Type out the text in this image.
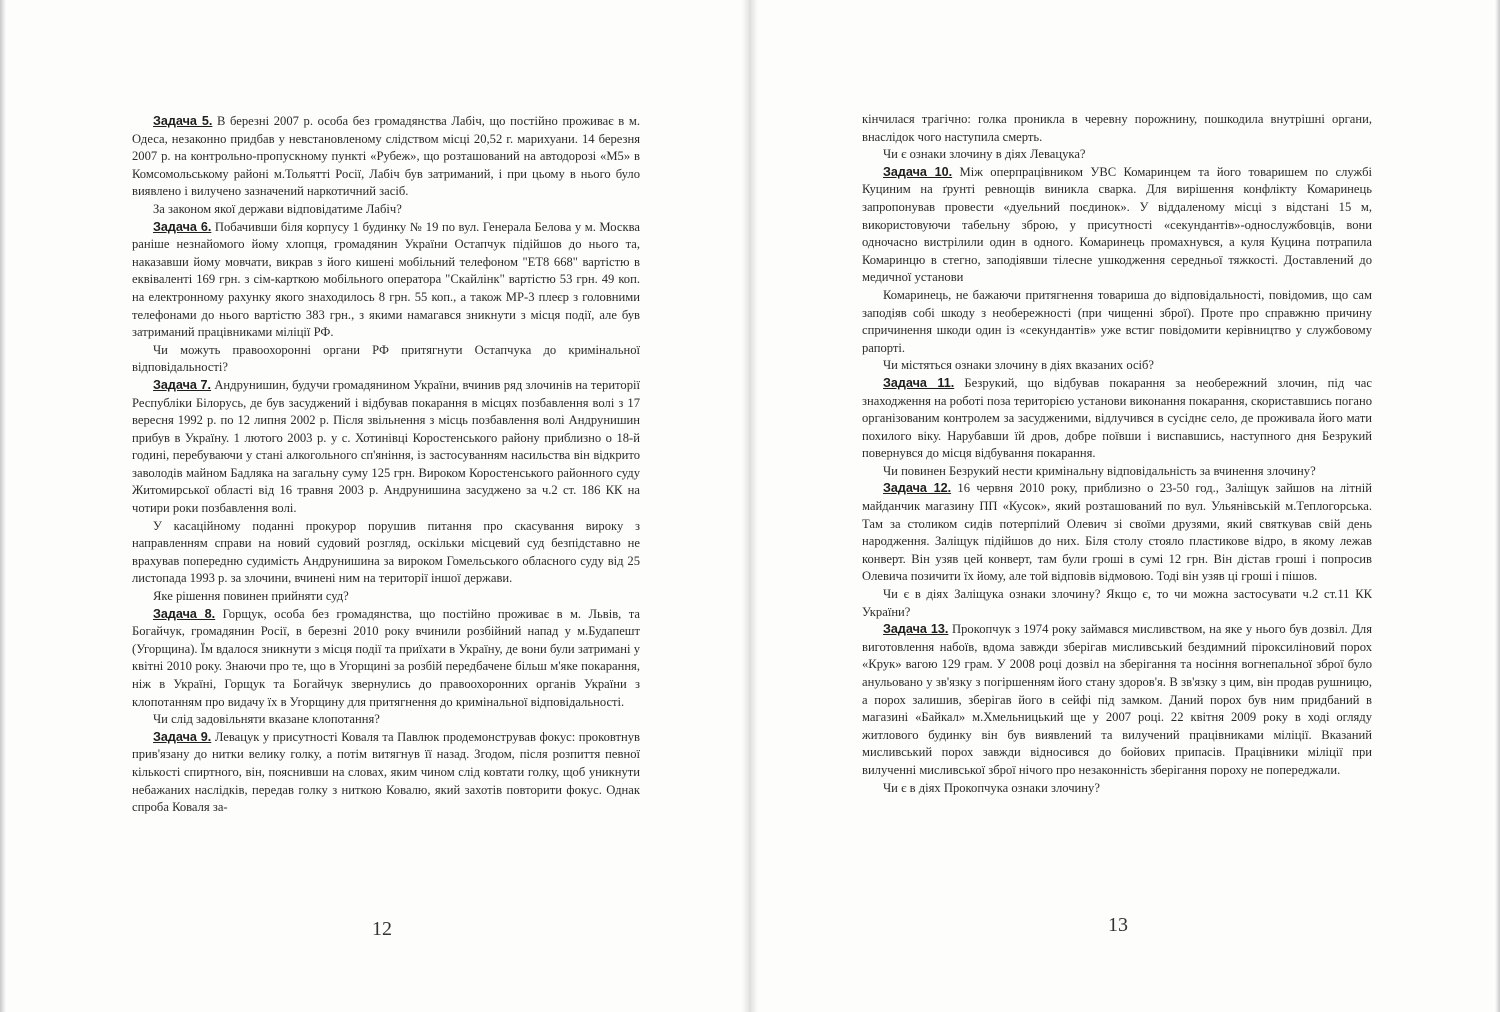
Задача 5. В березні 2007 р. особа без громадянства Лабіч, що постійно проживає в м. Одеса, незаконно придбав у невстановленому слідством місці 20,52 г. марихуани. 14 березня 2007 р. на контрольно-пропускному пункті «Рубеж», що розташований на автодорозі «М5» в Комсомольському районі м.Тольятті Росії, Лабіч був затриманий, і при цьому в нього було виявлено і вилучено зазначений наркотичний засіб.

За законом якої держави відповідатиме Лабіч?

Задача 6. Побачивши біля корпусу 1 будинку № 19 по вул. Генерала Белова у м. Москва раніше незнайомого йому хлопця, громадянин України Остапчук підійшов до нього та, наказавши йому мовчати, викрав з його кишені мобільний телефоном "ЕТ8 668" вартістю в еквіваленті 169 грн. з сім-карткою мобільного оператора "Скайлінк" вартістю 53 грн. 49 коп. на електронному рахунку якого знаходилось 8 грн. 55 коп., а також МР-3 плеєр з головними телефонами до нього вартістю 383 грн., з якими намагався зникнути з місця події, але був затриманий працівниками міліції РФ.

Чи можуть правоохоронні органи РФ притягнути Остапчука до кримінальної відповідальності?

Задача 7. Андрунишин, будучи громадянином України, вчинив ряд злочинів на території Республіки Білорусь, де був засуджений і відбував покарання в місцях позбавлення волі з 17 вересня 1992 р. по 12 липня 2002 р. Після звільнення з місць позбавлення волі Андрунишин прибув в Україну. 1 лютого 2003 р. у с. Хотинівці Коростенського району приблизно о 18-й годині, перебуваючи у стані алкогольного сп'яніння, із застосуванням насильства він відкрито заволодів майном Бадляка на загальну суму 125 грн. Вироком Коростенського районного суду Житомирської області від 16 травня 2003 р. Андрунишина засуджено за ч.2 ст. 186 КК на чотири роки позбавлення волі.

У касаційному поданні прокурор порушив питання про скасування вироку з направленням справи на новий судовий розгляд, оскільки місцевий суд безпідставно не врахував попередню судимість Андрунишина за вироком Гомельського обласного суду від 25 листопада 1993 р. за злочини, вчинені ним на території іншої держави.

Яке рішення повинен прийняти суд?

Задача 8. Горщук, особа без громадянства, що постійно проживає в м. Львів, та Богайчук, громадянин Росії, в березні 2010 року вчинили розбійний напад у м.Будапешт (Угорщина). Їм вдалося зникнути з місця події та приїхати в Україну, де вони були затримані у квітні 2010 року. Знаючи про те, що в Угорщині за розбій передбачене більш м'яке покарання, ніж в Україні, Горщук та Богайчук звернулись до правоохоронних органів України з клопотанням про видачу їх в Угорщину для притягнення до кримінальної відповідальності.

Чи слід задовільняти вказане клопотання?

Задача 9. Левацук у присутності Коваля та Павлюк продемонстрував фокус: проковтнув прив'язану до нитки велику голку, а потім витягнув її назад. Згодом, після розпиття певної кількості спиртного, він, пояснивши на словах, яким чином слід ковтати голку, щоб уникнути небажаних наслідків, передав голку з ниткою Ковалю, який захотів повторити фокус. Однак спроба Коваля за-

12

кінчилася трагічно: голка проникла в черевну порожнину, пошкодила внутрішні органи, внаслідок чого наступила смерть.

Чи є ознаки злочину в діях Левацука?

Задача 10. Між оперпрацівником УВС Комаринцем та його товаришем по службі Куциним на ґрунті ревнощів виникла сварка. Для вирішення конфлікту Комаринець запропонував провести «дуельний поєдинок». У віддаленому місці з відстані 15 м, використовуючи табельну зброю, у присутності «секундантів»-однослужбовців, вони одночасно вистрілили один в одного. Комаринець промахнувся, а куля Куцина потрапила Комаринцю в стегно, заподіявши тілесне ушкодження середньої тяжкості. Доставлений до медичної установи

Комаринець, не бажаючи притягнення товариша до відповідальності, повідомив, що сам заподіяв собі шкоду з необережності (при чищенні зброї). Проте про справжню причину спричинення шкоди один із «секундантів» уже встиг повідомити керівництво у службовому рапорті.

Чи містяться ознаки злочину в діях вказаних осіб?

Задача 11. Безрукий, що відбував покарання за необережний злочин, під час знаходження на роботі поза територією установи виконання покарання, скориставшись погано організованим контролем за засудженими, відлучився в сусіднє село, де проживала його мати похилого віку. Нарубавши їй дров, добре поївши і виспавшись, наступного дня Безрукий повернувся до місця відбування покарання.

Чи повинен Безрукий нести кримінальну відповідальність за вчинення злочину?

Задача 12. 16 червня 2010 року, приблизно о 23-50 год., Заліщук зайшов на літній майданчик магазину ПП «Кусок», який розташований по вул. Ульянівській м.Теплогорська. Там за столиком сидів потерпілий Олевич зі своїми друзями, який святкував свій день народження. Заліщук підійшов до них. Біля столу стояло пластикове відро, в якому лежав конверт. Він узяв цей конверт, там були гроші в сумі 12 грн. Він дістав гроші і попросив Олевича позичити їх йому, але той відповів відмовою. Тоді він узяв ці гроші і пішов.

Чи є в діях Заліщука ознаки злочину? Якщо є, то чи можна застосувати ч.2 ст.11 КК України?

Задача 13. Прокопчук з 1974 року займався мисливством, на яке у нього був дозвіл. Для виготовлення набоїв, вдома завжди зберігав мисливський бездимний піроксиліновий порох «Крук» вагою 129 грам. У 2008 році дозвіл на зберігання та носіння вогнепальної зброї було анульовано у зв'язку з погіршенням його стану здоров'я. В зв'язку з цим, він продав рушницю, а порох залишив, зберігав його в сейфі під замком. Даний порох був ним придбаний в магазині «Байкал» м.Хмельницький ще у 2007 році. 22 квітня 2009 року в ході огляду житлового будинку він був виявлений та вилучений працівниками міліції. Вказаний мисливський порох завжди відносився до бойових припасів. Працівники міліції при вилученні мисливської зброї нічого про незаконність зберігання пороху не попереджали.

Чи є в діях Прокопчука ознаки злочину?

13
